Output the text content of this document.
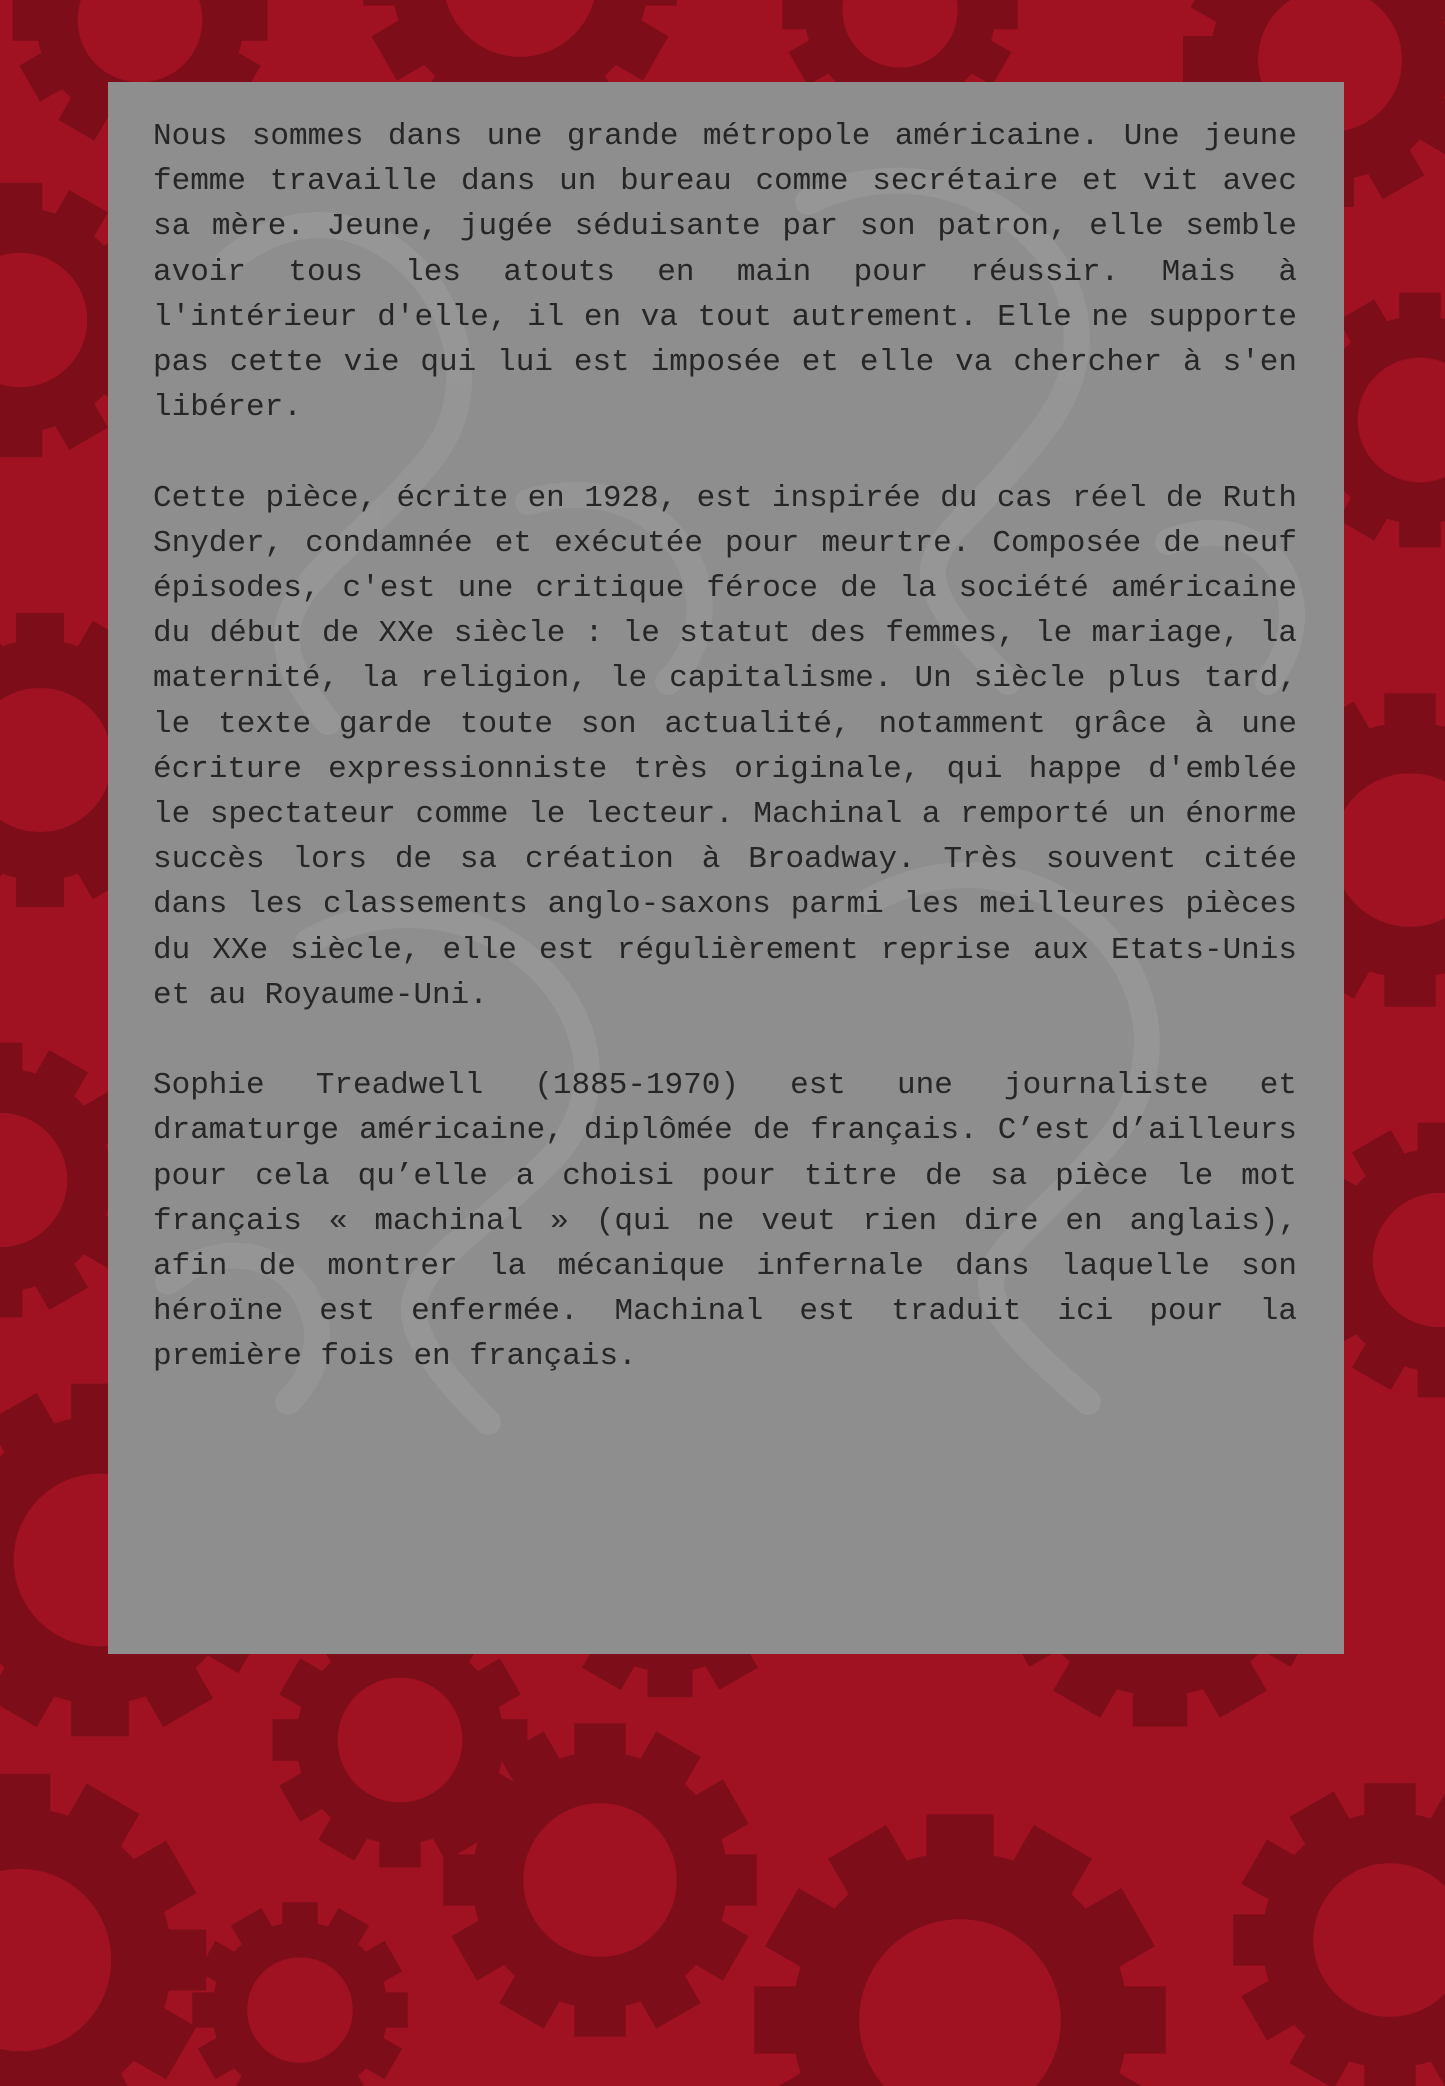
Nous sommes dans une grande métropole américaine. Une jeune femme travaille dans un bureau comme secrétaire et vit avec sa mère. Jeune, jugée séduisante par son patron, elle semble avoir tous les atouts en main pour réussir. Mais à l'intérieur d'elle, il en va tout autrement. Elle ne supporte pas cette vie qui lui est imposée et elle va chercher à s'en libérer.

Cette pièce, écrite en 1928, est inspirée du cas réel de Ruth Snyder, condamnée et exécutée pour meurtre. Composée de neuf épisodes, c'est une critique féroce de la société américaine du début de XXe siècle : le statut des femmes, le mariage, la maternité, la religion, le capitalisme. Un siècle plus tard, le texte garde toute son actualité, notamment grâce à une écriture expressionniste très originale, qui happe d'emblée le spectateur comme le lecteur. Machinal a remporté un énorme succès lors de sa création à Broadway. Très souvent citée dans les classements anglo-saxons parmi les meilleures pièces du XXe siècle, elle est régulièrement reprise aux Etats-Unis et au Royaume-Uni.

Sophie Treadwell (1885-1970) est une journaliste et dramaturge américaine, diplômée de français. C’est d’ailleurs pour cela qu’elle a choisi pour titre de sa pièce le mot français « machinal » (qui ne veut rien dire en anglais), afin de montrer la mécanique infernale dans laquelle son héroïne est enfermée. Machinal est traduit ici pour la première fois en français.
